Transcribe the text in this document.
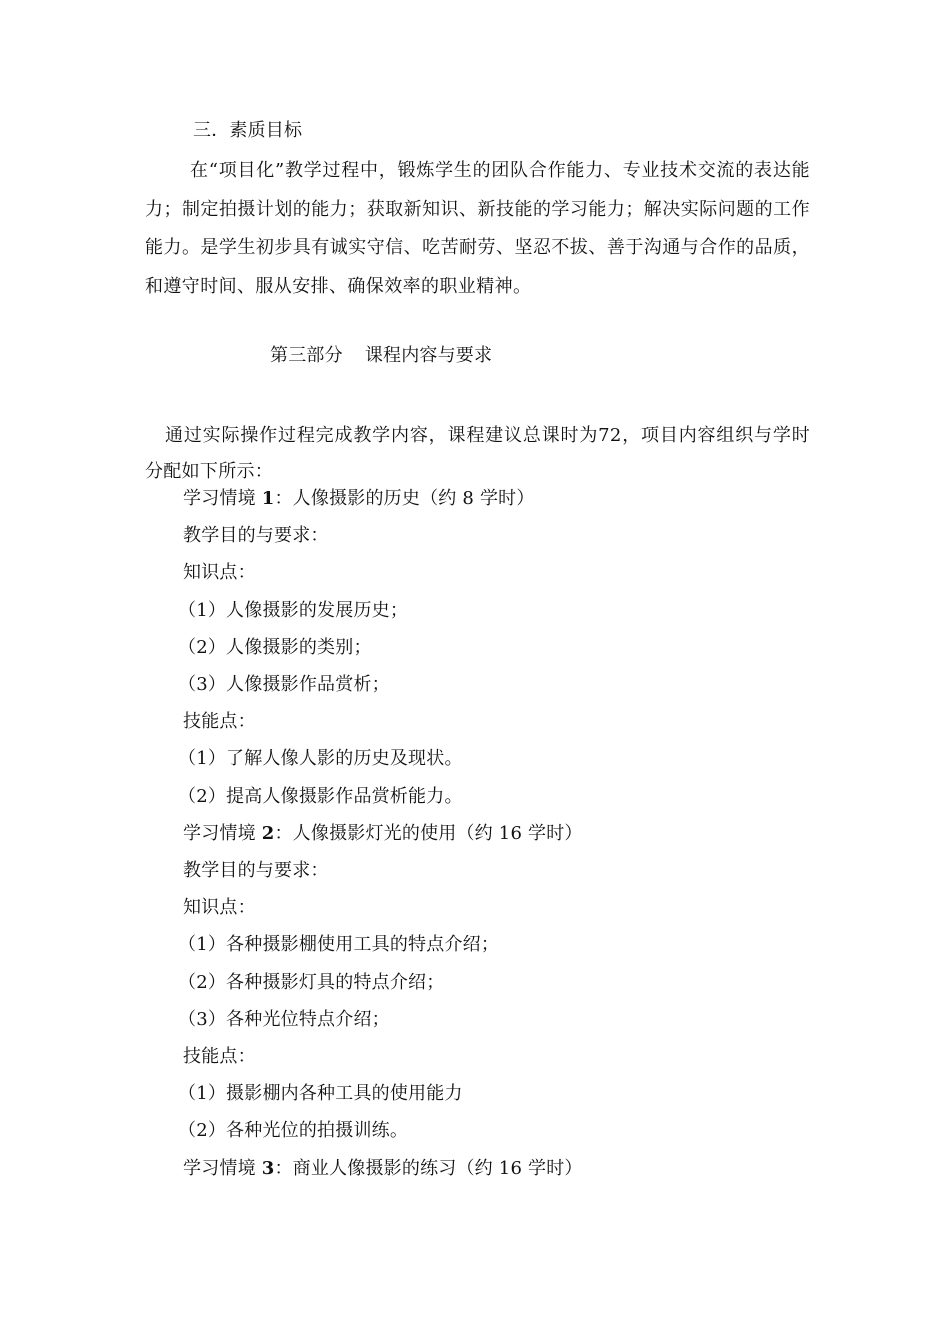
三．素质目标
在“项目化”教学过程中，锻炼学生的团队合作能力、专业技术交流的表达能力；制定拍摄计划的能力；获取新知识、新技能的学习能力；解决实际问题的工作能力。是学生初步具有诚实守信、吃苦耐劳、坚忍不拔、善于沟通与合作的品质，和遵守时间、服从安排、确保效率的职业精神。
第三部分 课程内容与要求
通过实际操作过程完成教学内容，课程建议总课时为72，项目内容组织与学时分配如下所示：
学习情境 1：人像摄影的历史（约 8 学时）
教学目的与要求：
知识点：
（1）人像摄影的发展历史；
（2）人像摄影的类别；
（3）人像摄影作品赏析；
技能点：
（1）了解人像人影的历史及现状。
（2）提高人像摄影作品赏析能力。
学习情境 2：人像摄影灯光的使用（约 16 学时）
教学目的与要求：
知识点：
（1）各种摄影棚使用工具的特点介绍；
（2）各种摄影灯具的特点介绍；
（3）各种光位特点介绍；
技能点：
（1）摄影棚内各种工具的使用能力
（2）各种光位的拍摄训练。
学习情境 3：商业人像摄影的练习（约 16 学时）
